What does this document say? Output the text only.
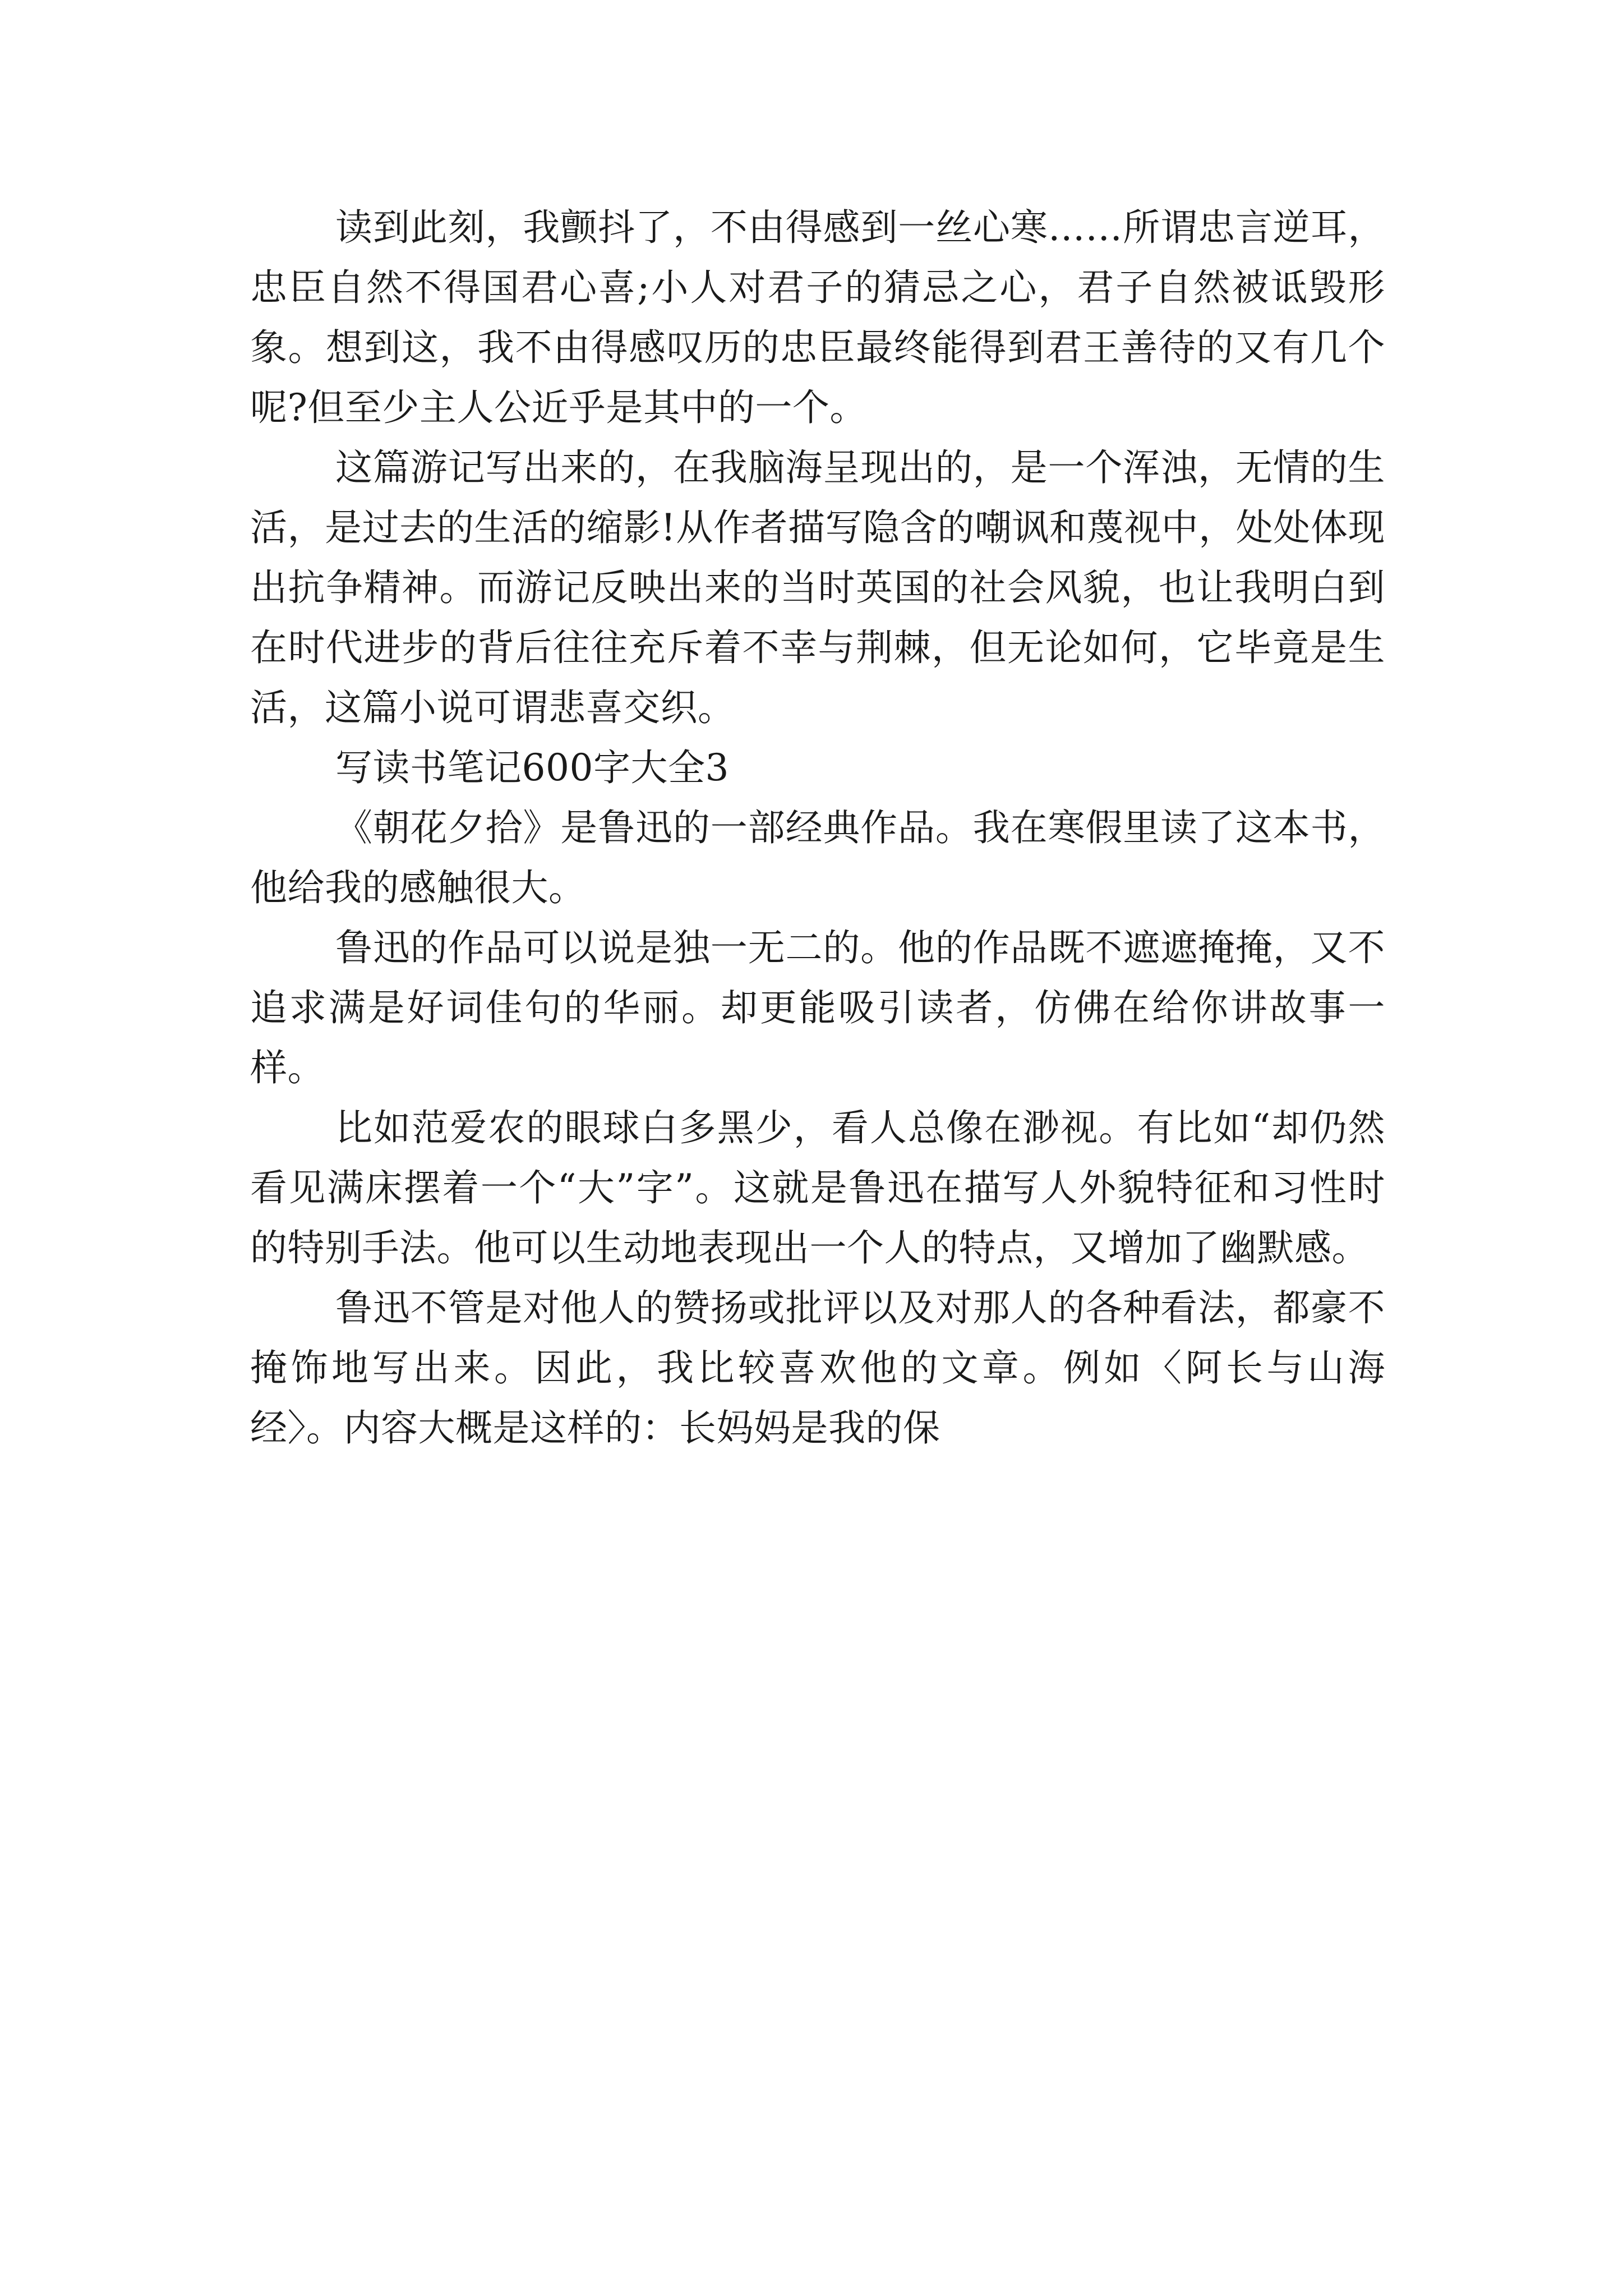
读到此刻，我颤抖了，不由得感到一丝心寒……所谓忠言逆耳，忠臣自然不得国君心喜;小人对君子的猜忌之心，君子自然被诋毁形象。想到这，我不由得感叹历的忠臣最终能得到君王善待的又有几个呢?但至少主人公近乎是其中的一个。

这篇游记写出来的，在我脑海呈现出的，是一个浑浊，无情的生活，是过去的生活的缩影!从作者描写隐含的嘲讽和蔑视中，处处体现出抗争精神。而游记反映出来的当时英国的社会风貌，也让我明白到在时代进步的背后往往充斥着不幸与荆棘，但无论如何，它毕竟是生活，这篇小说可谓悲喜交织。

写读书笔记600字大全3

《朝花夕拾》是鲁迅的一部经典作品。我在寒假里读了这本书，他给我的感触很大。

鲁迅的作品可以说是独一无二的。他的作品既不遮遮掩掩，又不追求满是好词佳句的华丽。却更能吸引读者，仿佛在给你讲故事一样。

比如范爱农的眼球白多黑少，看人总像在渺视。有比如“却仍然看见满床摆着一个“大”字”。这就是鲁迅在描写人外貌特征和习性时的特别手法。他可以生动地表现出一个人的特点，又增加了幽默感。

鲁迅不管是对他人的赞扬或批评以及对那人的各种看法，都豪不掩饰地写出来。因此，我比较喜欢他的文章。例如〈阿长与山海经〉。内容大概是这样的：长妈妈是我的保
